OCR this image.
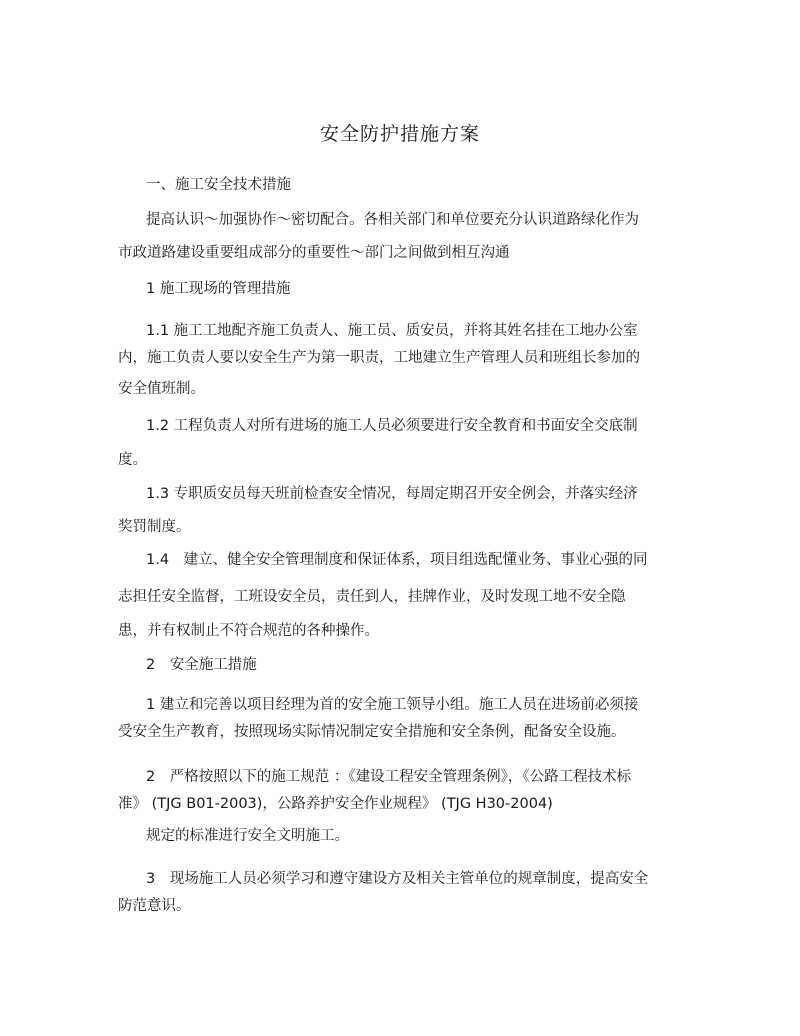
安全防护措施方案
一、施工安全技术措施
提高认识～加强协作～密切配合。各相关部门和单位要充分认识道路绿化作为
市政道路建设重要组成部分的重要性～部门之间做到相互沟通
1 施工现场的管理措施
1.1 施工工地配齐施工负责人、施工员、质安员，并将其姓名挂在工地办公室
内，施工负责人要以安全生产为第一职责，工地建立生产管理人员和班组长参加的
安全值班制。
1.2 工程负责人对所有进场的施工人员必须要进行安全教育和书面安全交底制
度。
1.3 专职质安员每天班前检查安全情况，每周定期召开安全例会，并落实经济
奖罚制度。
1.4　建立、健全安全管理制度和保证体系，项目组选配懂业务、事业心强的同
志担任安全监督，工班设安全员，责任到人，挂牌作业，及时发现工地不安全隐
患，并有权制止不符合规范的各种操作。
2　安全施工措施
1 建立和完善以项目经理为首的安全施工领导小组。施工人员在进场前必须接
受安全生产教育，按照现场实际情况制定安全措施和安全条例，配备安全设施。
2　严格按照以下的施工规范 ：《建设工程安全管理条例》，《公路工程技术标
准》 (TJG B01-2003)，公路养护安全作业规程》 (TJG H30-2004)
规定的标准进行安全文明施工。
3　现场施工人员必须学习和遵守建设方及相关主管单位的规章制度，提高安全
防范意识。
